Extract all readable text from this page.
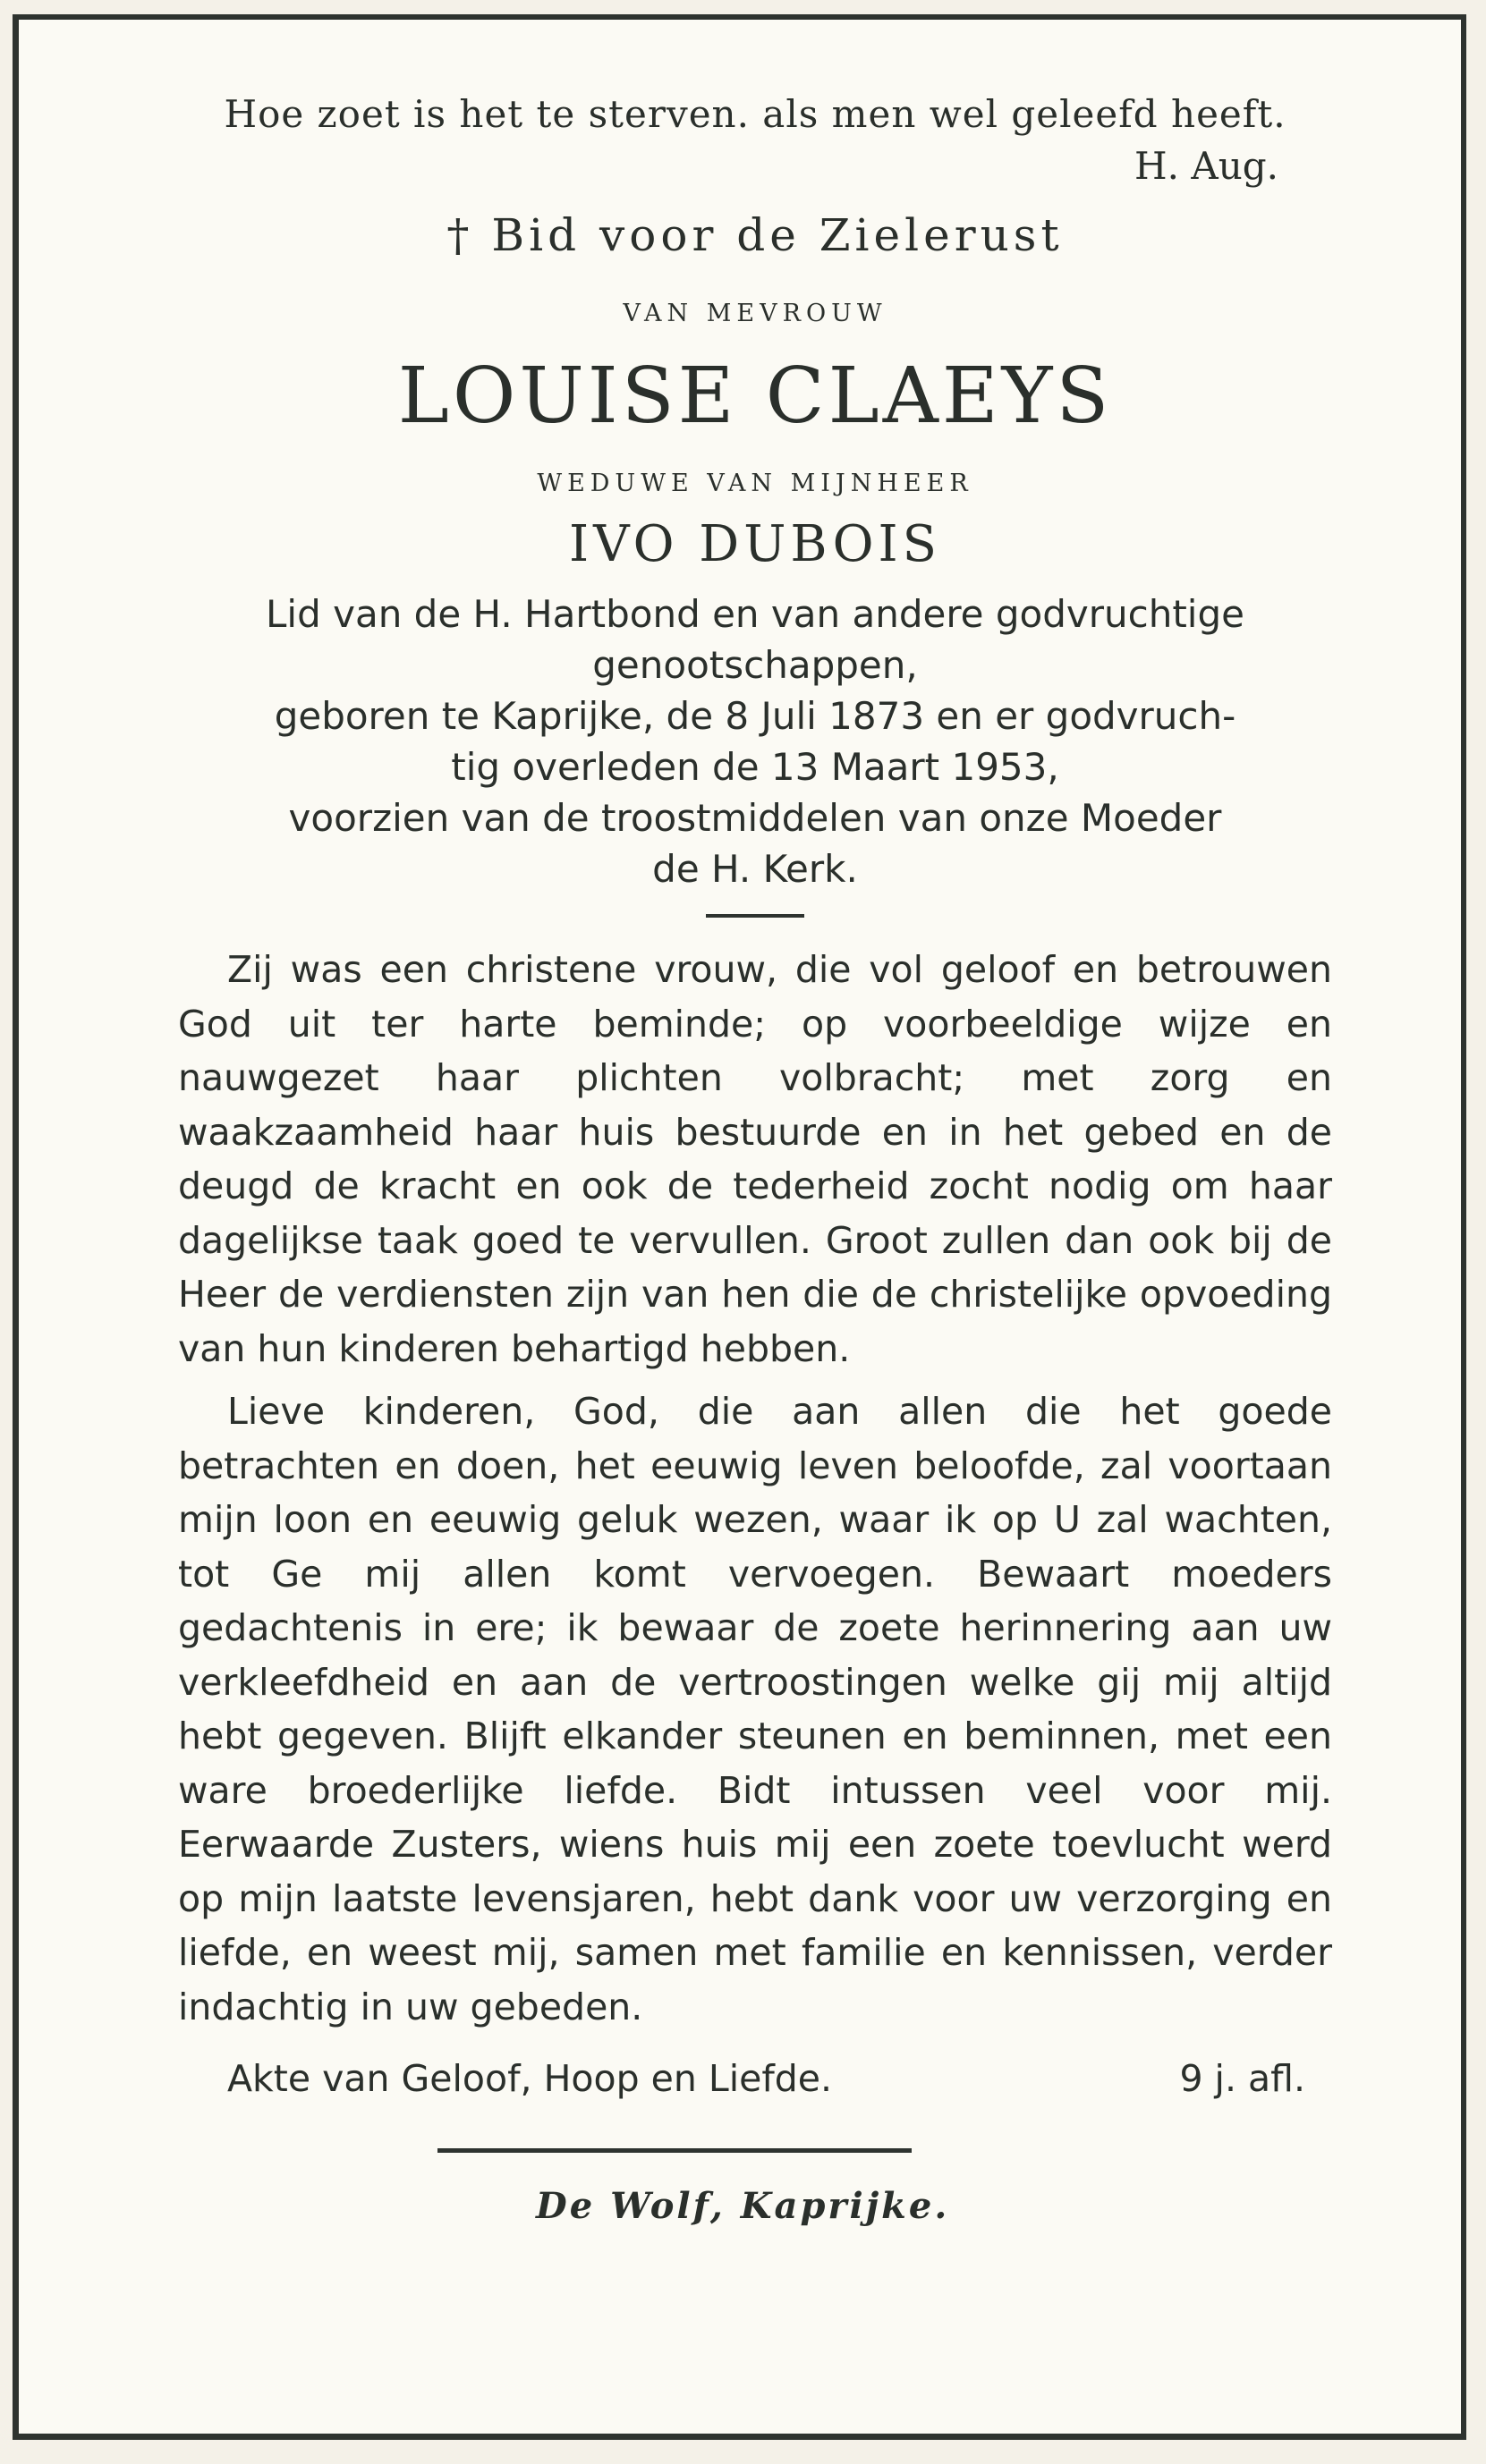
Hoe zoet is het te sterven. als men wel geleefd heeft.
H. Aug.
† Bid voor de Zielerust
VAN MEVROUW
LOUISE CLAEYS
WEDUWE VAN MIJNHEER
IVO DUBOIS

Lid van de H. Hartbond en van andere godvruchtige

genootschappen,

geboren te Kaprijke, de 8 Juli 1873 en er godvruch-

tig overleden de 13 Maart 1953,

voorzien van de troostmiddelen van onze Moeder

de H. Kerk.

Zij was een christene vrouw, die vol geloof en betrouwen God uit ter harte beminde; op voorbeeldige wijze en nauwgezet haar plichten volbracht; met zorg en waakzaamheid haar huis bestuurde en in het gebed en de deugd de kracht en ook de tederheid zocht nodig om haar dagelijkse taak goed te vervullen. Groot zullen dan ook bij de Heer de verdiensten zijn van hen die de christelijke opvoeding van hun kinderen behartigd hebben.

Lieve kinderen, God, die aan allen die het goede betrachten en doen, het eeuwig leven beloofde, zal voortaan mijn loon en eeuwig geluk wezen, waar ik op U zal wachten, tot Ge mij allen komt vervoegen. Bewaart moeders gedachtenis in ere; ik bewaar de zoete herinnering aan uw verkleefdheid en aan de vertroostingen welke gij mij altijd hebt gegeven. Blijft elkander steunen en beminnen, met een ware broederlijke liefde. Bidt intussen veel voor mij. Eerwaarde Zusters, wiens huis mij een zoete toevlucht werd op mijn laatste levensjaren, hebt dank voor uw verzorging en liefde, en weest mij, samen met familie en kennissen, verder indachtig in uw gebeden.

Akte van Geloof, Hoop en Liefde.	9 j. afl.
De Wolf, Kaprijke.
